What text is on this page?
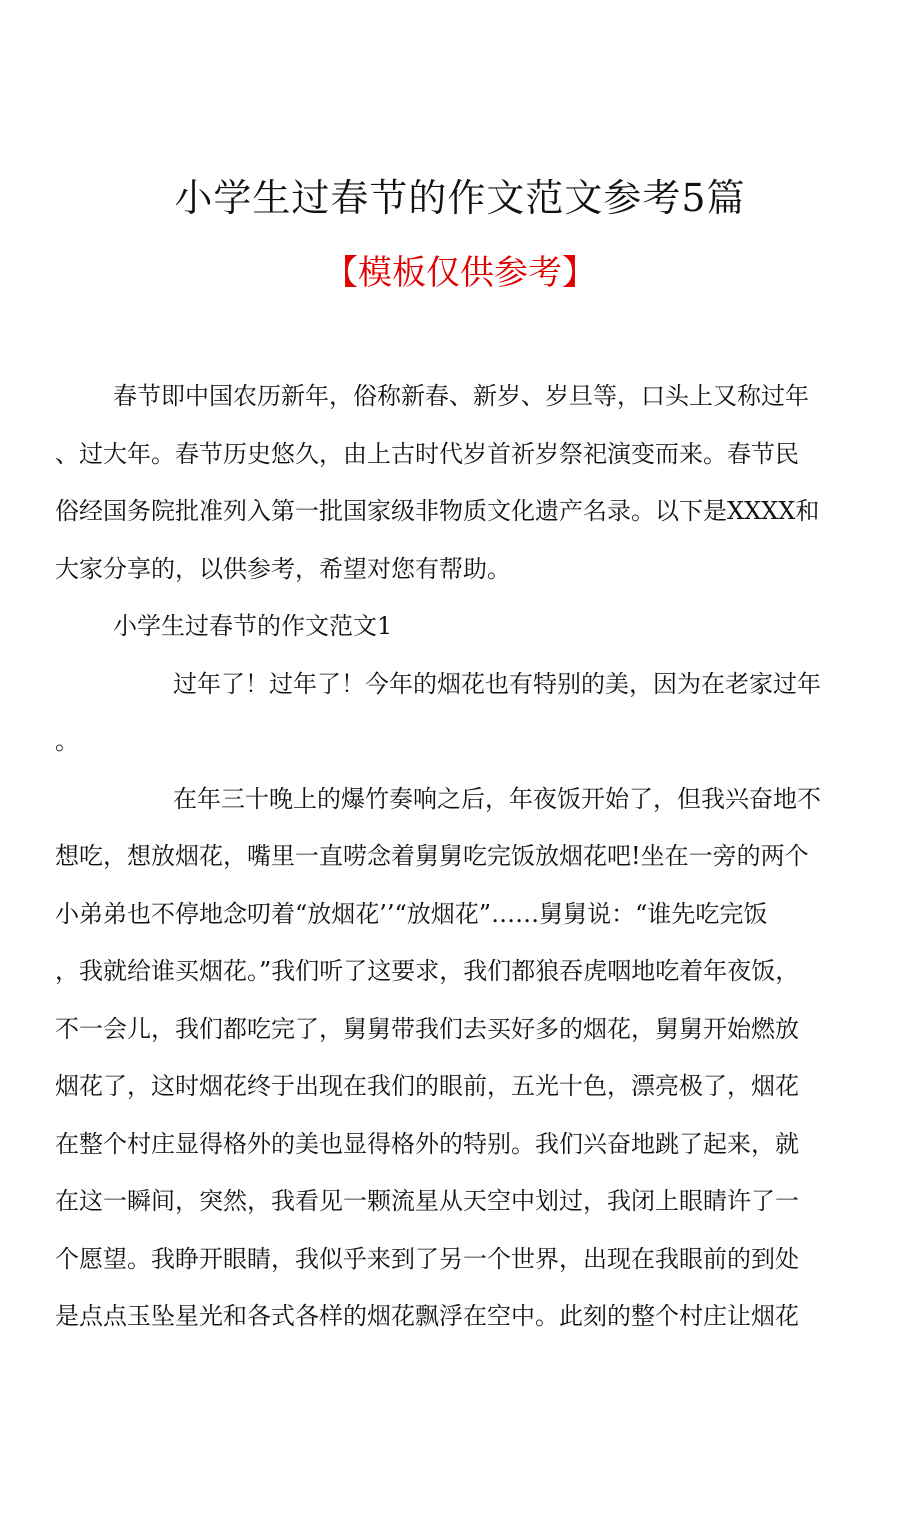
小学生过春节的作文范文参考5篇
【模板仅供参考】
春节即中国农历新年，俗称新春、新岁、岁旦等，口头上又称过年
、过大年。春节历史悠久，由上古时代岁首祈岁祭祀演变而来。春节民
俗经国务院批准列入第一批国家级非物质文化遗产名录。以下是XXXX和
大家分享的，以供参考，希望对您有帮助。
小学生过春节的作文范文1
过年了！过年了！今年的烟花也有特别的美，因为在老家过年
。
在年三十晚上的爆竹奏响之后，年夜饭开始了，但我兴奋地不
想吃，想放烟花，嘴里一直唠念着舅舅吃完饭放烟花吧!坐在一旁的两个
小弟弟也不停地念叨着“放烟花’’“放烟花”……舅舅说：“谁先吃完饭
，我就给谁买烟花。”我们听了这要求，我们都狼吞虎咽地吃着年夜饭，
不一会儿，我们都吃完了，舅舅带我们去买好多的烟花，舅舅开始燃放
烟花了，这时烟花终于出现在我们的眼前，五光十色，漂亮极了，烟花
在整个村庄显得格外的美也显得格外的特别。我们兴奋地跳了起来，就
在这一瞬间，突然，我看见一颗流星从天空中划过，我闭上眼睛许了一
个愿望。我睁开眼睛，我似乎来到了另一个世界，出现在我眼前的到处
是点点玉坠星光和各式各样的烟花飘浮在空中。此刻的整个村庄让烟花
